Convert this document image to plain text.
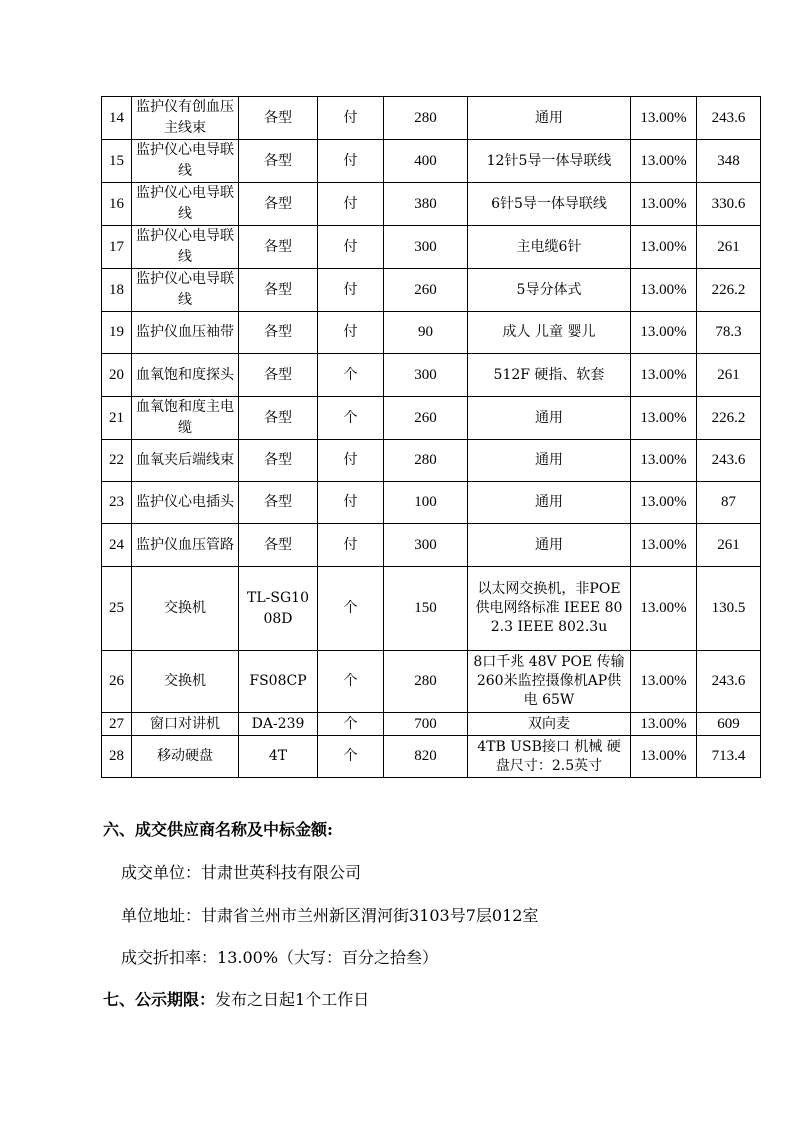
14	监护仪有创血压主线束	各型	付	280	通用	13.00%	243.6
15	监护仪心电导联线	各型	付	400	12针5导一体导联线	13.00%	348
16	监护仪心电导联线	各型	付	380	6针5导一体导联线	13.00%	330.6
17	监护仪心电导联线	各型	付	300	主电缆6针	13.00%	261
18	监护仪心电导联线	各型	付	260	5导分体式	13.00%	226.2
19	监护仪血压袖带	各型	付	90	成人 儿童 婴儿	13.00%	78.3
20	血氧饱和度探头	各型	个	300	512F 硬指、软套	13.00%	261
21	血氧饱和度主电缆	各型	个	260	通用	13.00%	226.2
22	血氧夹后端线束	各型	付	280	通用	13.00%	243.6
23	监护仪心电插头	各型	付	100	通用	13.00%	87
24	监护仪血压管路	各型	付	300	通用	13.00%	261
25	交换机	TL-SG1008D	个	150	以太网交换机，非POE供电网络标准 IEEE 802.3 IEEE 802.3u	13.00%	130.5
26	交换机	FS08CP	个	280	8口千兆 48V POE 传输260米监控摄像机AP供电 65W	13.00%	243.6
27	窗口对讲机	DA-239	个	700	双向麦	13.00%	609
28	移动硬盘	4T	个	820	4TB USB接口 机械 硬盘尺寸：2.5英寸	13.00%	713.4
六、成交供应商名称及中标金额:
成交单位：甘肃世英科技有限公司
单位地址：甘肃省兰州市兰州新区渭河街3103号7层012室
成交折扣率：13.00%（大写：百分之拾叁）
七、公示期限：发布之日起1个工作日
